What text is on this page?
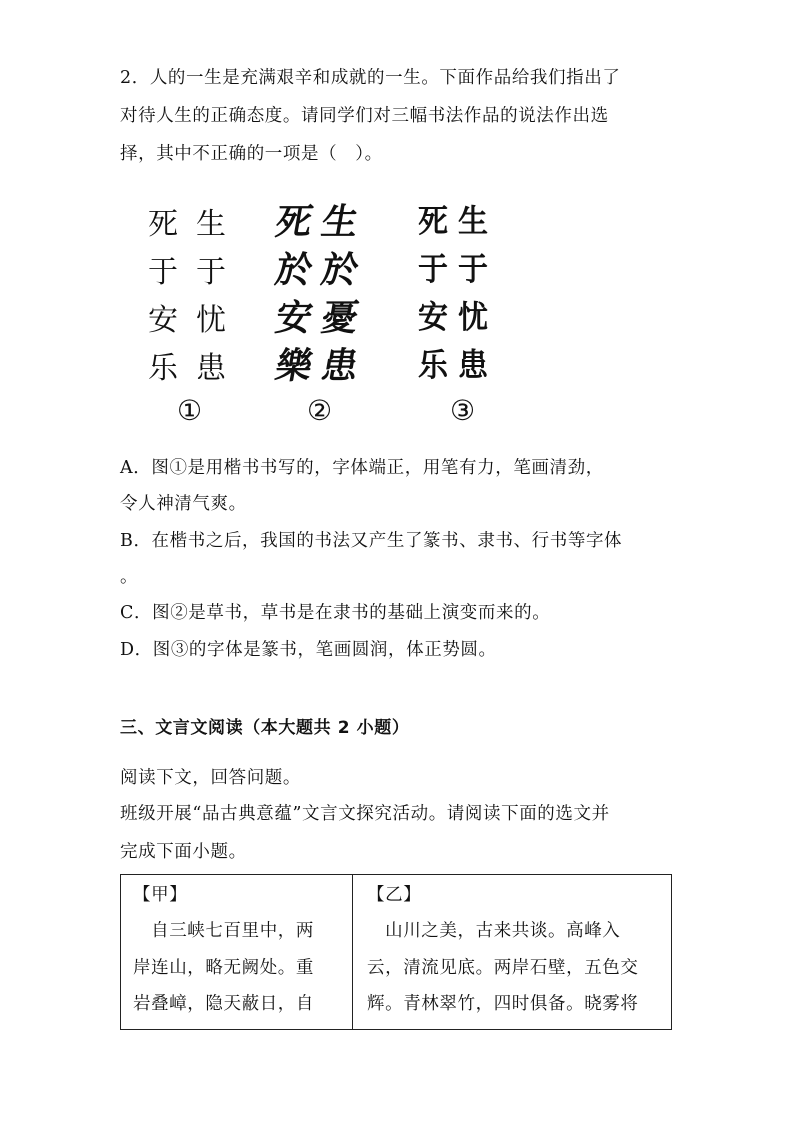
2．人的一生是充满艰辛和成就的一生。下面作品给我们指出了
对待人生的正确态度。请同学们对三幅书法作品的说法作出选
择，其中不正确的一项是（　）。
死
于
安
乐
生
于
忧
患
①
死
於
安
樂
生
於
憂
患
②
死
于
安
乐
生
于
忧
患
③
A．图①是用楷书书写的，字体端正，用笔有力，笔画清劲，
令人神清气爽。
B．在楷书之后，我国的书法又产生了篆书、隶书、行书等字体
。
C．图②是草书，草书是在隶书的基础上演变而来的。
D．图③的字体是篆书，笔画圆润，体正势圆。
三、文言文阅读（本大题共 2 小题）
阅读下文，回答问题。
班级开展“品古典意蕴”文言文探究活动。请阅读下面的选文并
完成下面小题。
【甲】
　自三峡七百里中，两
岸连山，略无阙处。重
岩叠嶂，隐天蔽日，自
【乙】
　山川之美，古来共谈。高峰入
云，清流见底。两岸石壁，五色交
辉。青林翠竹，四时俱备。晓雾将
